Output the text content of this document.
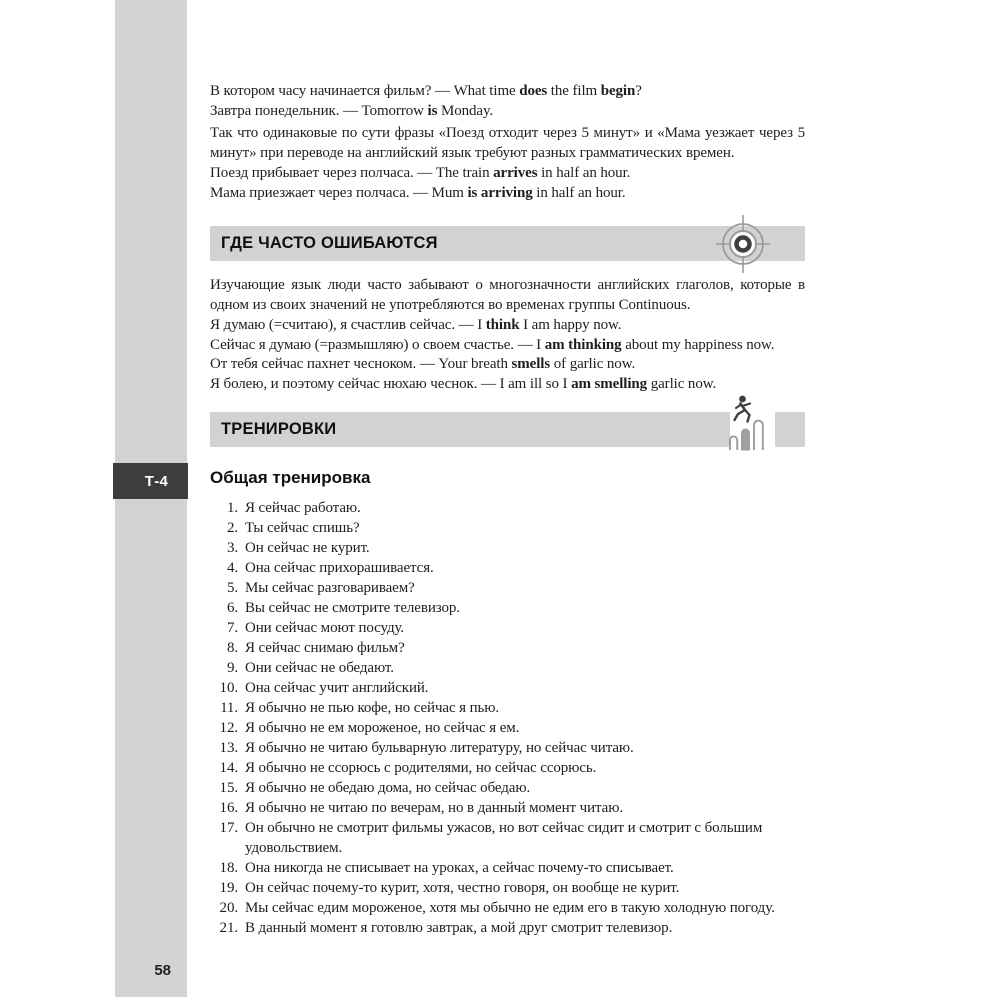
Т-4
58
В котором часу начинается фильм? — What time does the film begin?
Завтра понедельник. — Tomorrow is Monday.
Так что одинаковые по сути фразы «Поезд отходит через 5 минут» и «Мама уезжает через 5 минут» при переводе на английский язык требуют разных грамматических времен.
Поезд прибывает через полчаса. — The train arrives in half an hour.
Мама приезжает через полчаса. — Mum is arriving in half an hour.
ГДЕ ЧАСТО ОШИБАЮТСЯ
Изучающие язык люди часто забывают о многозначности английских глаголов, которые в одном из своих значений не употребляются во временах группы Continuous.
Я думаю (=считаю), я счастлив сейчас. — I think I am happy now.
Сейчас я думаю (=размышляю) о своем счастье. — I am thinking about my happiness now.
От тебя сейчас пахнет чесноком. — Your breath smells of garlic now.
Я болею, и поэтому сейчас нюхаю чеснок. — I am ill so I am smelling garlic now.
ТРЕНИРОВКИ
Общая тренировка
1. Я сейчас работаю.
2. Ты сейчас спишь?
3. Он сейчас не курит.
4. Она сейчас прихорашивается.
5. Мы сейчас разговариваем?
6. Вы сейчас не смотрите телевизор.
7. Они сейчас моют посуду.
8. Я сейчас снимаю фильм?
9. Они сейчас не обедают.
10. Она сейчас учит английский.
11. Я обычно не пью кофе, но сейчас я пью.
12. Я обычно не ем мороженое, но сейчас я ем.
13. Я обычно не читаю бульварную литературу, но сейчас читаю.
14. Я обычно не ссорюсь с родителями, но сейчас ссорюсь.
15. Я обычно не обедаю дома, но сейчас обедаю.
16. Я обычно не читаю по вечерам, но в данный момент читаю.
17. Он обычно не смотрит фильмы ужасов, но вот сейчас сидит и смотрит с большим удовольствием.
18. Она никогда не списывает на уроках, а сейчас почему-то списывает.
19. Он сейчас почему-то курит, хотя, честно говоря, он вообще не курит.
20. Мы сейчас едим мороженое, хотя мы обычно не едим его в такую холодную погоду.
21. В данный момент я готовлю завтрак, а мой друг смотрит телевизор.
